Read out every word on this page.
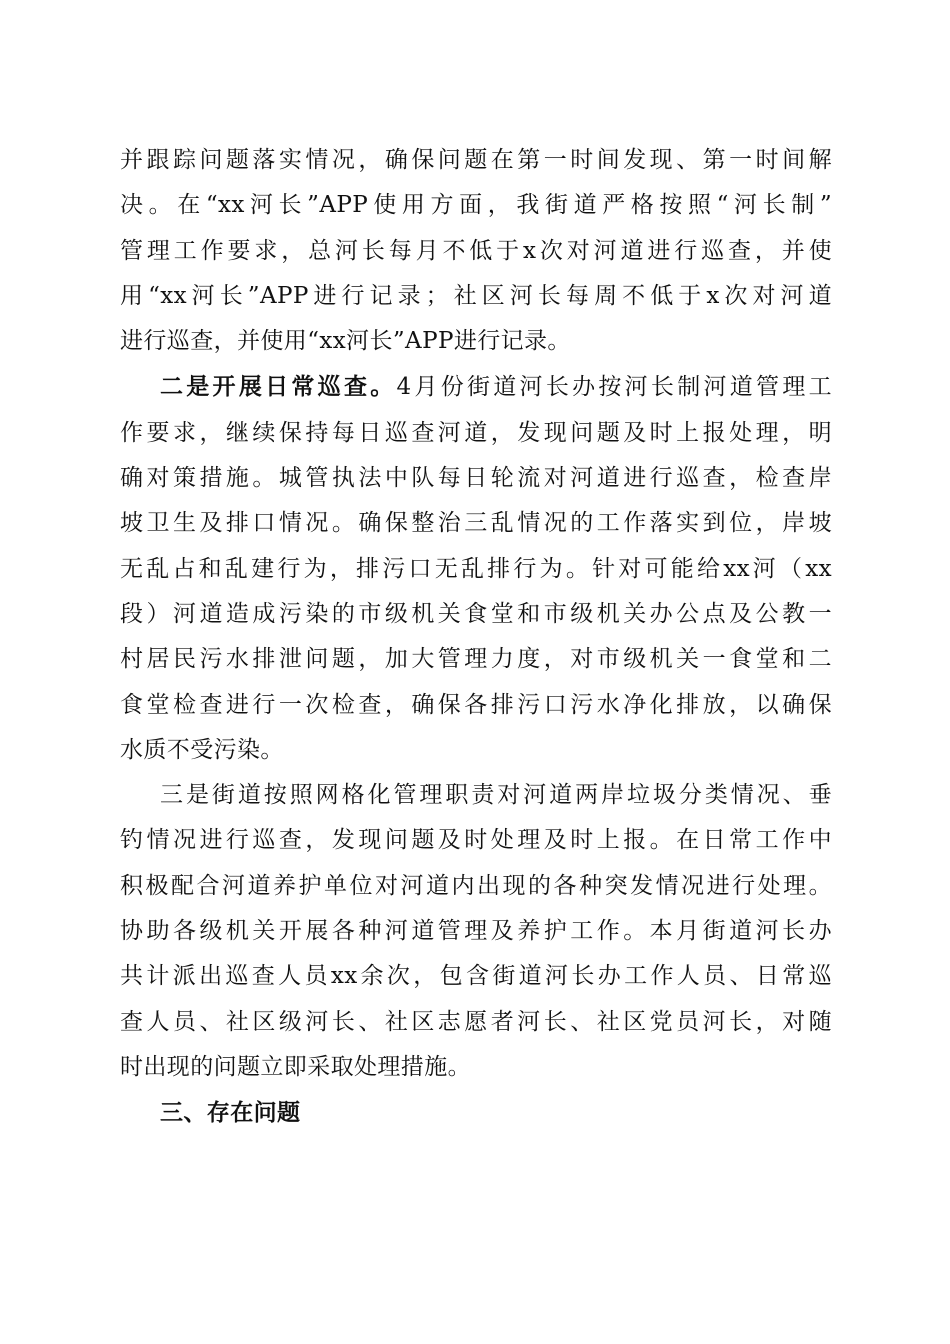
并跟踪问题落实情况，确保问题在第一时间发现、第一时间解
决。在“xx河长”APP使用方面，我街道严格按照“河长制”
管理工作要求，总河长每月不低于x次对河道进行巡查，并使
用“xx河长”APP进行记录；社区河长每周不低于x次对河道
进行巡查，并使用“xx河长”APP进行记录。
二是开展日常巡查。4月份街道河长办按河长制河道管理工
作要求，继续保持每日巡查河道，发现问题及时上报处理，明
确对策措施。城管执法中队每日轮流对河道进行巡查，检查岸
坡卫生及排口情况。确保整治三乱情况的工作落实到位，岸坡
无乱占和乱建行为，排污口无乱排行为。针对可能给xx河（xx
段）河道造成污染的市级机关食堂和市级机关办公点及公教一
村居民污水排泄问题，加大管理力度，对市级机关一食堂和二
食堂检查进行一次检查，确保各排污口污水净化排放，以确保
水质不受污染。
三是街道按照网格化管理职责对河道两岸垃圾分类情况、垂
钓情况进行巡查，发现问题及时处理及时上报。在日常工作中
积极配合河道养护单位对河道内出现的各种突发情况进行处理。
协助各级机关开展各种河道管理及养护工作。本月街道河长办
共计派出巡查人员xx余次，包含街道河长办工作人员、日常巡
查人员、社区级河长、社区志愿者河长、社区党员河长，对随
时出现的问题立即采取处理措施。
三、存在问题
